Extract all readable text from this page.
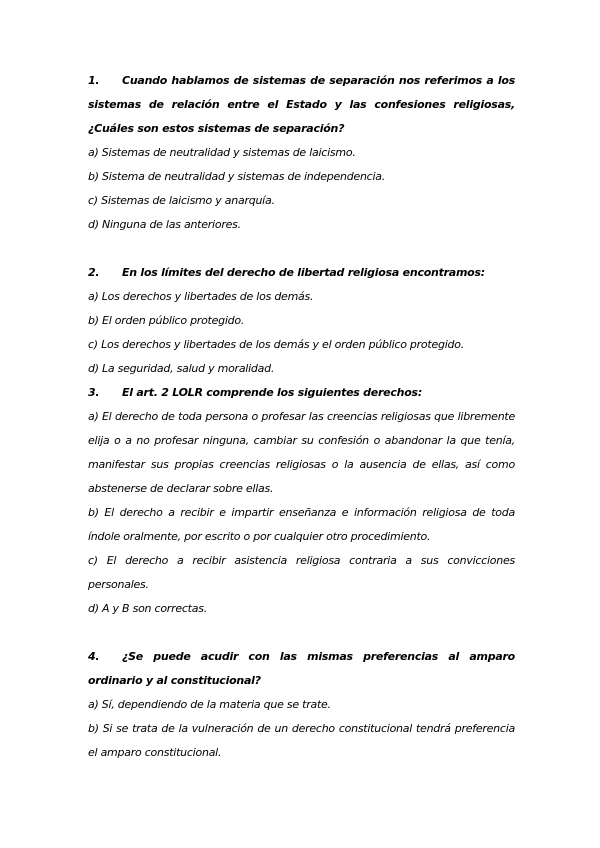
1. Cuando hablamos de sistemas de separación nos referimos a los sistemas de relación entre el Estado y las confesiones religiosas, ¿Cuáles son estos sistemas de separación?

a) Sistemas de neutralidad y sistemas de laicismo.

b) Sistema de neutralidad y sistemas de independencia.

c) Sistemas de laicismo y anarquía.

d) Ninguna de las anteriores.

2.	En los límites del derecho de libertad religiosa encontramos:

a) Los derechos y libertades de los demás.

b) El orden público protegido.

c) Los derechos y libertades de los demás y el orden público protegido.

d) La seguridad, salud y moralidad.

3.	El art. 2 LOLR comprende los siguientes derechos:

a) El derecho de toda persona o profesar las creencias religiosas que libremente elija o a no profesar ninguna, cambiar su confesión o abandonar la que tenía, manifestar sus propias creencias religiosas o la ausencia de ellas, así como abstenerse de declarar sobre ellas.

b) El derecho a recibir e impartir enseñanza e información religiosa de toda índole oralmente, por escrito o por cualquier otro procedimiento.

c) El derecho a recibir asistencia religiosa contraria a sus convicciones personales.

d) A y B son correctas.

4. ¿Se puede acudir con las mismas preferencias al amparo ordinario y al constitucional?

a) Sí, dependiendo de la materia que se trate.

b) Si se trata de la vulneración de un derecho constitucional tendrá preferencia el amparo constitucional.
